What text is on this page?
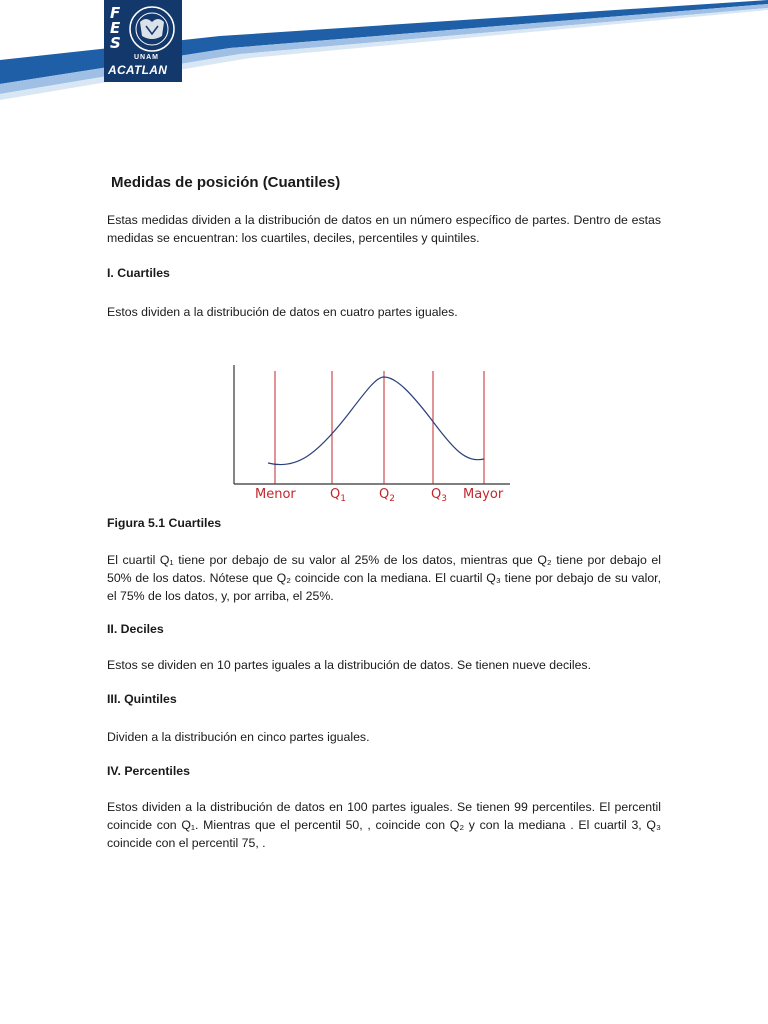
F
E
S
UNAM
ACATLAN
Medidas de posición (Cuantiles)

Estas medidas dividen a la distribución de datos en un número específico de partes. Dentro de estas medidas se encuentran: los cuartiles, deciles, percentiles y quintiles.

I. Cuartiles

Estos dividen a la distribución de datos en cuatro partes iguales.

Menor	$Q_1$	$Q_2$	$Q_3$ Mayor
Figura 5.1 Cuartiles

El cuartil Q₁ tiene por debajo de su valor al 25% de los datos, mientras que Q₂ tiene por debajo el 50% de los datos. Nótese que Q₂ coincide con la mediana. El cuartil Q₃ tiene por debajo de su valor, el 75% de los datos, y, por arriba, el 25%.

II. Deciles

Estos se dividen en 10 partes iguales a la distribución de datos. Se tienen nueve deciles.

III. Quintiles

Dividen a la distribución en cinco partes iguales.

IV. Percentiles

Estos dividen a la distribución de datos en 100 partes iguales. Se tienen 99 percentiles. El percentil coincide con Q₁. Mientras que el percentil 50, , coincide con Q₂ y con la mediana . El cuartil 3, Q₃ coincide con el percentil 75, .
